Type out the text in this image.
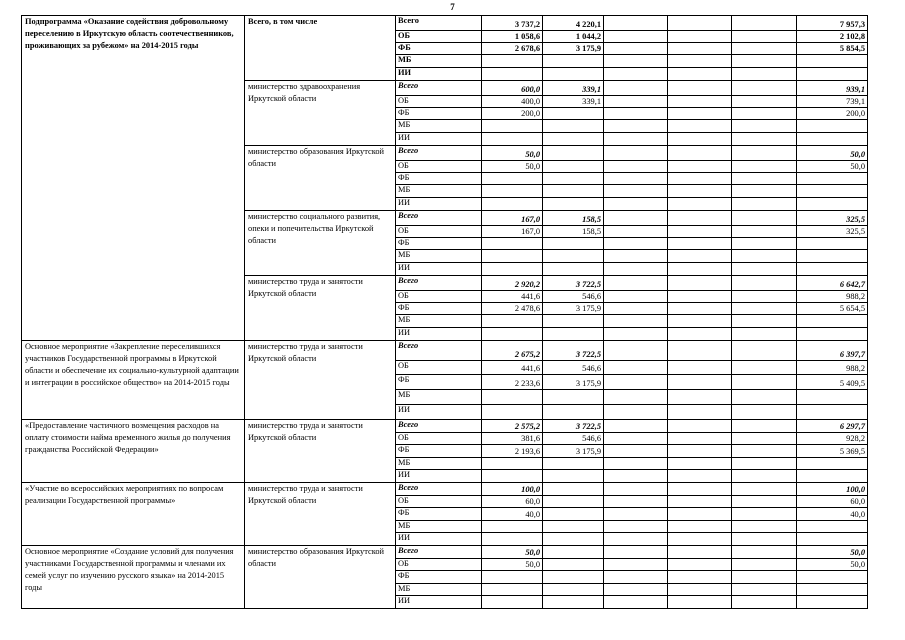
7
Подпрограмма «Оказание содействия добровольному переселению в Иркутскую область соотечественников, проживающих за рубежом» на 2014-2015 годы	Всего, в том числе	Всего	3 737,2	4 220,1				7 957,3
		ОБ	1 058,6	1 044,2				2 102,8
		ФБ	2 678,6	3 175,9				5 854,5
		МБ						
		ИИ						
	министерство здравоохранения Иркутской области	Всего	600,0	339,1				939,1
		ОБ	400,0	339,1				739,1
		ФБ	200,0					200,0
		МБ						
		ИИ						
	министерство образования Иркутской области	Всего	50,0					50,0
		ОБ	50,0					50,0
		ФБ						
		МБ						
		ИИ						
	министерство социального развития, опеки и попечительства Иркутской области	Всего	167,0	158,5				325,5
		ОБ	167,0	158,5				325,5
		ФБ						
		МБ						
		ИИ						
	министерство труда и занятости Иркутской области	Всего	2 920,2	3 722,5				6 642,7
		ОБ	441,6	546,6				988,2
		ФБ	2 478,6	3 175,9				5 654,5
		МБ						
		ИИ						
Основное мероприятие «Закрепление переселившихся участников Государственной программы в Иркутской области и обеспечение их социально-культурной адаптации и интеграции в российское общество» на 2014-2015 годы	министерство труда и занятости Иркутской области	Всего	2 675,2	3 722,5				6 397,7
		ОБ	441,6	546,6				988,2
		ФБ	2 233,6	3 175,9				5 409,5
		МБ						
		ИИ						
«Предоставление частичного возмещения расходов на оплату стоимости найма временного жилья до получения гражданства Российской Федерации»	министерство труда и занятости Иркутской области	Всего	2 575,2	3 722,5				6 297,7
		ОБ	381,6	546,6				928,2
		ФБ	2 193,6	3 175,9				5 369,5
		МБ						
		ИИ						
«Участие во всероссийских мероприятиях по вопросам реализации Государственной программы»	министерство труда и занятости Иркутской области	Всего	100,0					100,0
		ОБ	60,0					60,0
		ФБ	40,0					40,0
		МБ						
		ИИ						
Основное мероприятие «Создание условий для получения участниками Государственной программы и членами их семей услуг по изучению русского языка» на 2014-2015 годы	министерство образования Иркутской области	Всего	50,0					50,0
		ОБ	50,0					50,0
		ФБ						
		МБ						
		ИИ						
